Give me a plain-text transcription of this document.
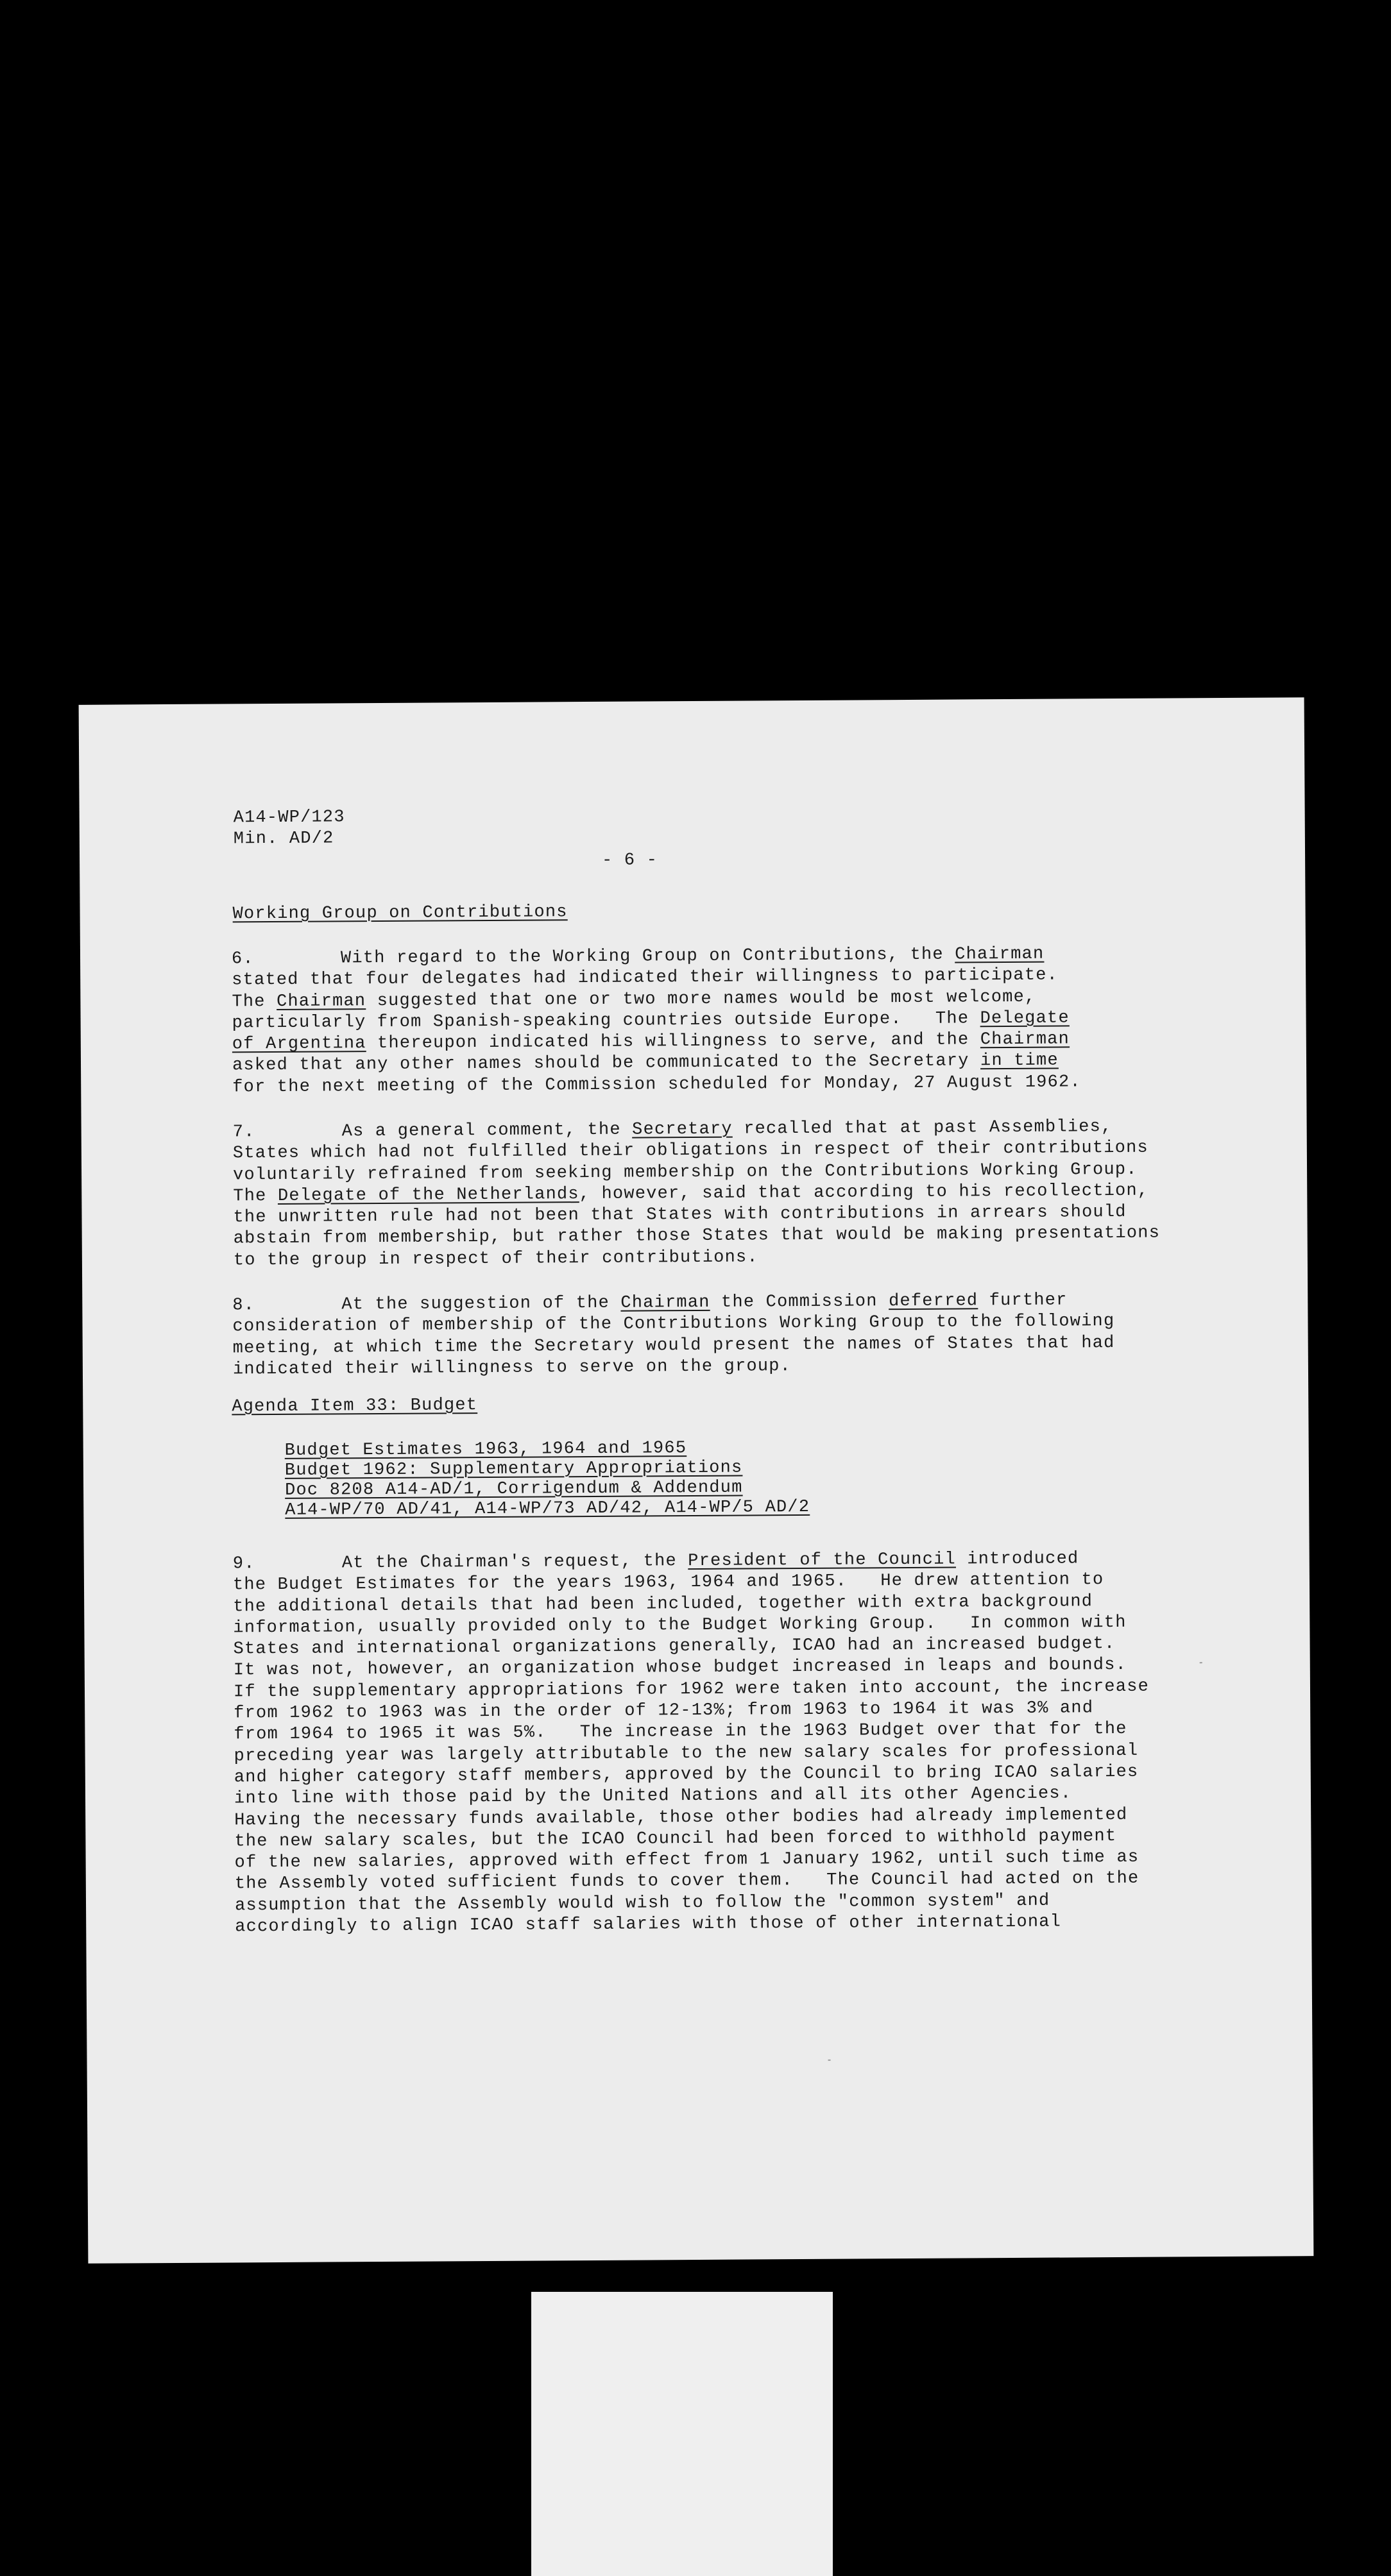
A14-WP/123
Min. AD/2
- 6 -
Working Group on Contributions
6.	With regard to the Working Group on Contributions, the Chairman
stated that four delegates had indicated their willingness to participate.
The Chairman suggested that one or two more names would be most welcome,
particularly from Spanish-speaking countries outside Europe.   The Delegate
of Argentina thereupon indicated his willingness to serve, and the Chairman
asked that any other names should be communicated to the Secretary in time
for the next meeting of the Commission scheduled for Monday, 27 August 1962.
7.	As a general comment, the Secretary recalled that at past Assemblies,
States which had not fulfilled their obligations in respect of their contributions
voluntarily refrained from seeking membership on the Contributions Working Group.
The Delegate of the Netherlands, however, said that according to his recollection,
the unwritten rule had not been that States with contributions in arrears should
abstain from membership, but rather those States that would be making presentations
to the group in respect of their contributions.
8.	At the suggestion of the Chairman the Commission deferred further
consideration of membership of the Contributions Working Group to the following
meeting, at which time the Secretary would present the names of States that had
indicated their willingness to serve on the group.
Agenda Item 33: Budget
Budget Estimates 1963, 1964 and 1965
Budget 1962: Supplementary Appropriations
Doc 8208 A14-AD/1, Corrigendum & Addendum
A14-WP/70 AD/41, A14-WP/73 AD/42, A14-WP/5 AD/2
9.	At the Chairman's request, the President of the Council introduced
the Budget Estimates for the years 1963, 1964 and 1965.   He drew attention to
the additional details that had been included, together with extra background
information, usually provided only to the Budget Working Group.   In common with
States and international organizations generally, ICAO had an increased budget.
It was not, however, an organization whose budget increased in leaps and bounds.
If the supplementary appropriations for 1962 were taken into account, the increase
from 1962 to 1963 was in the order of 12-13%; from 1963 to 1964 it was 3% and
from 1964 to 1965 it was 5%.   The increase in the 1963 Budget over that for the
preceding year was largely attributable to the new salary scales for professional
and higher category staff members, approved by the Council to bring ICAO salaries
into line with those paid by the United Nations and all its other Agencies.
Having the necessary funds available, those other bodies had already implemented
the new salary scales, but the ICAO Council had been forced to withhold payment
of the new salaries, approved with effect from 1 January 1962, until such time as
the Assembly voted sufficient funds to cover them.   The Council had acted on the
assumption that the Assembly would wish to follow the "common system" and
accordingly to align ICAO staff salaries with those of other international
